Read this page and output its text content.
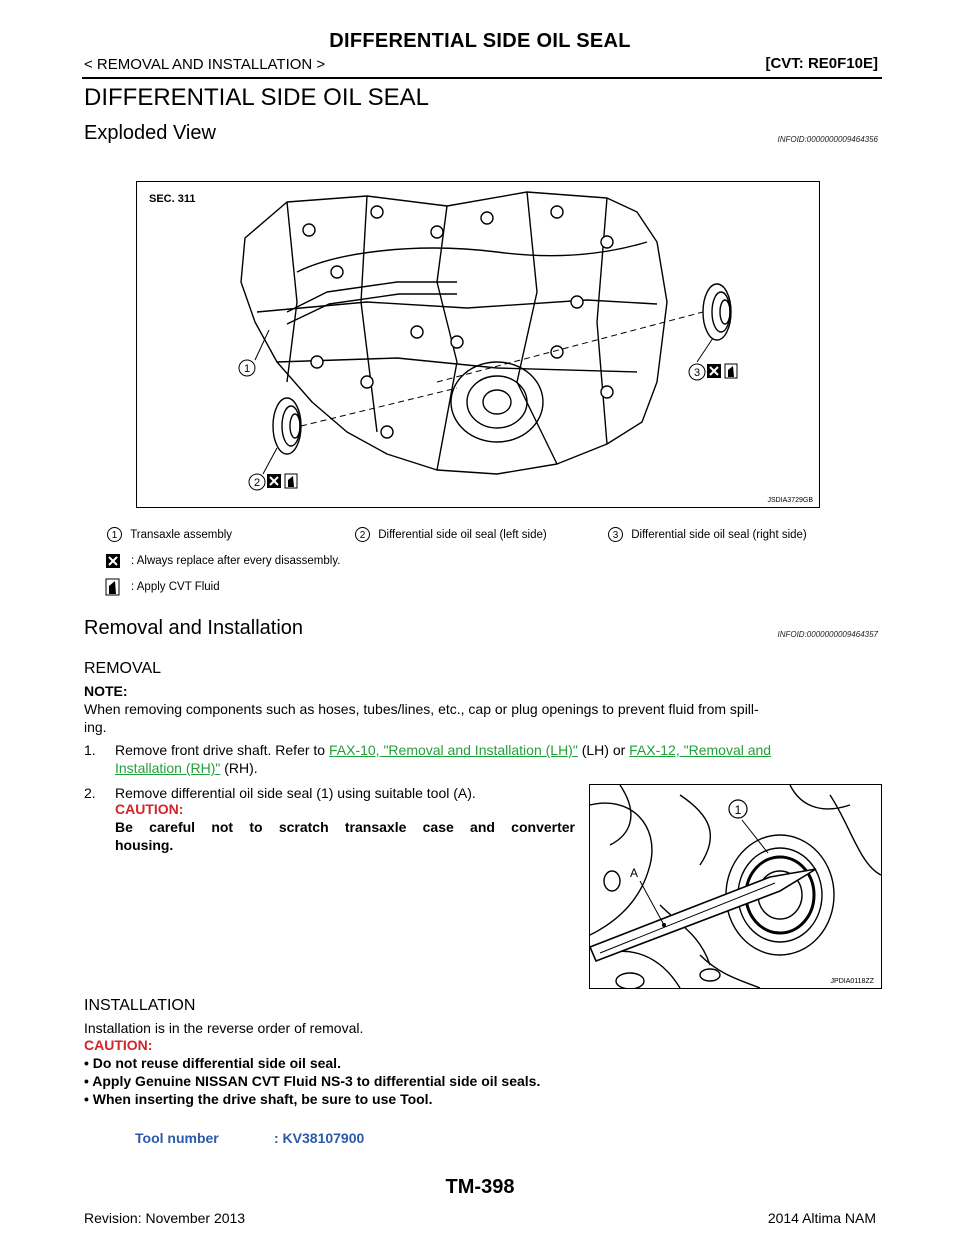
DIFFERENTIAL SIDE OIL SEAL
< REMOVAL AND INSTALLATION >	[CVT: RE0F10E]
DIFFERENTIAL SIDE OIL SEAL
Exploded View	INFOID:0000000009464356
1
2
3
SEC. 311
JSDIA3729GB
1 Transaxle assembly	2 Differential side oil seal (left side)	3 Differential side oil seal (right side)
: Always replace after every disassembly.
: Apply CVT Fluid
Removal and Installation	INFOID:0000000009464357
REMOVAL
NOTE:
When removing components such as hoses, tubes/lines, etc., cap or plug openings to prevent fluid from spill-
ing.
1. Remove front drive shaft. Refer to FAX-10, "Removal and Installation (LH)" (LH) or FAX-12, "Removal and
Installation (RH)" (RH).
2. Remove differential oil side seal (1) using suitable tool (A).
CAUTION:
Be careful not to scratch transaxle case and converter
housing.
1
A
JPDIA0118ZZ
INSTALLATION
Installation is in the reverse order of removal.
CAUTION:
• Do not reuse differential side oil seal.
• Apply Genuine NISSAN CVT Fluid NS-3 to differential side oil seals.
• When inserting the drive shaft, be sure to use Tool.
Tool number	: KV38107900
TM-398
Revision: November 2013	2014 Altima NAM
